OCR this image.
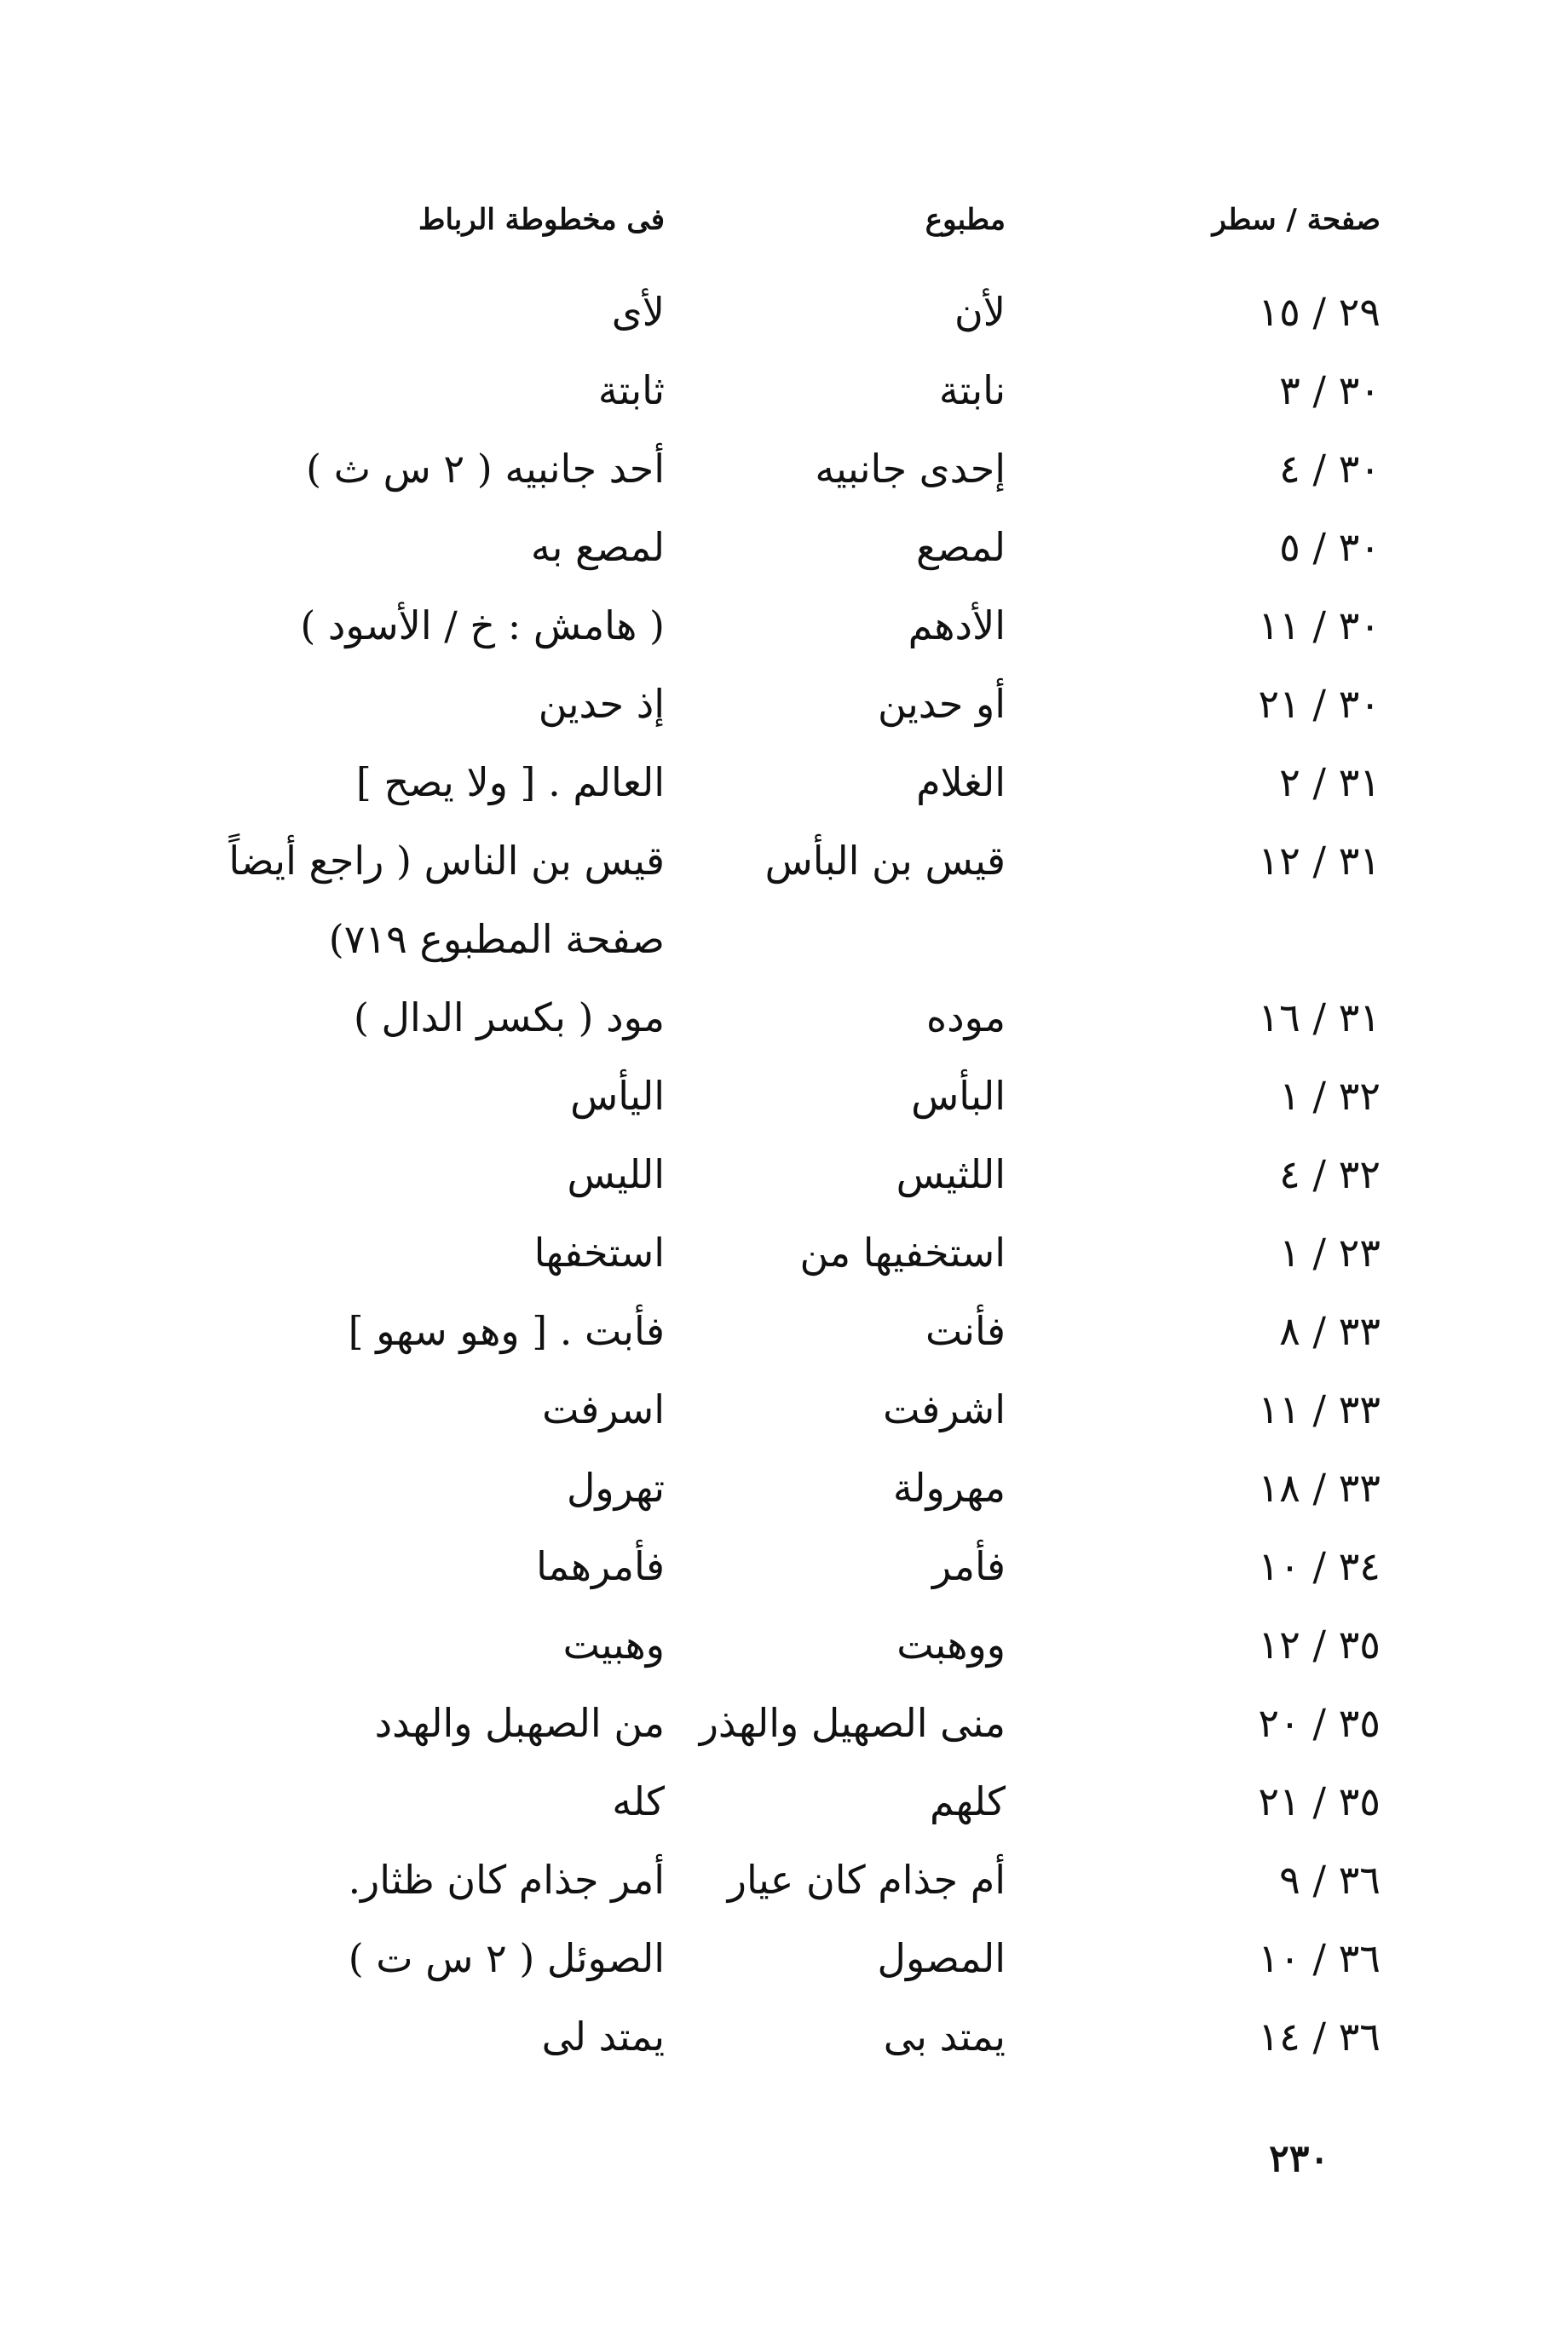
صفحة / سطر
مطبوع
فى مخطوطة الرباط
٢٩ / ١٥
لأن
لأى
٣٠ / ٣
نابتة
ثابتة
٣٠ / ٤
إحدى جانبيه
أحد جانبيه ( ٢ س ث )
٣٠ / ٥
لمصع
لمصع به
٣٠ / ١١
الأدهم
( هامش : خ / الأسود )
٣٠ / ٢١
أو حدين
إذ حدين
٣١ / ٢
الغلام
العالم . [ ولا يصح ]
٣١ / ١٢
قيس بن البأس
قيس بن الناس ( راجع أيضاً صفحة المطبوع ٧١٩)
٣١ / ١٦
موده
مود ( بكسر الدال )
٣٢ / ١
البأس
اليأس
٣٢ / ٤
اللثيس
الليس
٢٣ / ١
استخفيها من
استخفها
٣٣ / ٨
فأنت
فأبت . [ وهو سهو ]
٣٣ / ١١
اشرفت
اسرفت
٣٣ / ١٨
مهرولة
تهرول
٣٤ / ١٠
فأمر
فأمرهما
٣٥ / ١٢
ووهبت
وهبيت
٣٥ / ٢٠
منى الصهيل والهذر
من الصهبل والهدد
٣٥ / ٢١
كلهم
كله
٣٦ / ٩
أم جذام كان عيار
أمر جذام كان ظثار.
٣٦ / ١٠
المصول
الصوئل ( ٢ س ت )
٣٦ / ١٤
يمتد بى
يمتد لى
٢٣٠
